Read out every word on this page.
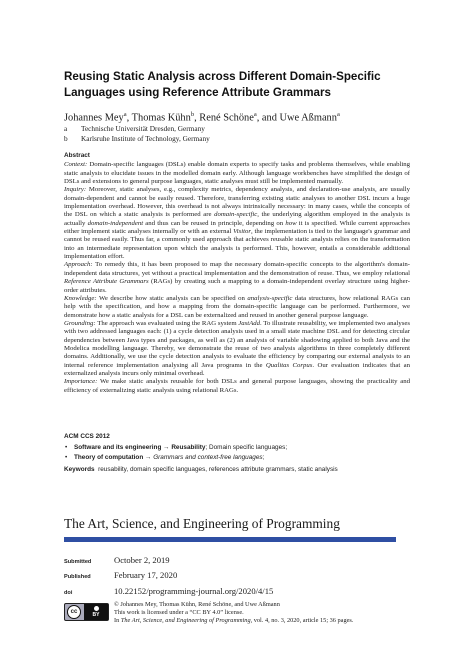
Reusing Static Analysis across Different Domain-Specific Languages using Reference Attribute Grammars
Johannes Mey$^a$, Thomas Kühn$^b$, René Schöne$^a$, and Uwe Aßmann$^a$
a	Technische Universität Dresden, Germany
b	Karlsruhe Institute of Technology, Germany
Abstract

Context: Domain-specific languages (DSLs) enable domain experts to specify tasks and problems themselves, while enabling static analysis to elucidate issues in the modelled domain early. Although language workbenches have simplified the design of DSLs and extensions to general purpose languages, static analyses must still be implemented manually.

Inquiry: Moreover, static analyses, e.g., complexity metrics, dependency analysis, and declaration-use analysis, are usually domain-dependent and cannot be easily reused. Therefore, transferring existing static analyses to another DSL incurs a huge implementation overhead. However, this overhead is not always intrinsically necessary: in many cases, while the concepts of the DSL on which a static analysis is performed are domain-specific, the underlying algorithm employed in the analysis is actually domain-independent and thus can be reused in principle, depending on how it is specified. While current approaches either implement static analyses internally or with an external Visitor, the implementation is tied to the language's grammar and cannot be reused easily. Thus far, a commonly used approach that achieves reusable static analysis relies on the transformation into an intermediate representation upon which the analysis is performed. This, however, entails a considerable additional implementation effort.

Approach: To remedy this, it has been proposed to map the necessary domain-specific concepts to the algorithm's domain-independent data structures, yet without a practical implementation and the demonstration of reuse. Thus, we employ relational Reference Attribute Grammars (RAGs) by creating such a mapping to a domain-independent overlay structure using higher-order attributes.

Knowledge: We describe how static analysis can be specified on analysis-specific data structures, how relational RAGs can help with the specification, and how a mapping from the domain-specific language can be performed. Furthermore, we demonstrate how a static analysis for a DSL can be externalized and reused in another general purpose language.

Grounding: The approach was evaluated using the RAG system JastAdd. To illustrate reusability, we implemented two analyses with two addressed languages each: (1) a cycle detection analysis used in a small state machine DSL and for detecting circular dependencies between Java types and packages, as well as (2) an analysis of variable shadowing applied to both Java and the Modelica modelling language. Thereby, we demonstrate the reuse of two analysis algorithms in three completely different domains. Additionally, we use the cycle detection analysis to evaluate the efficiency by comparing our external analysis to an internal reference implementation analysing all Java programs in the Qualitas Corpus. Our evaluation indicates that an externalized analysis incurs only minimal overhead.

Importance: We make static analysis reusable for both DSLs and general purpose languages, showing the practicality and efficiency of externalizing static analysis using relational RAGs.

ACM CCS 2012
• Software and its engineering → Reusability; Domain specific languages;
• Theory of computation → Grammars and context-free languages;
Keywords reusability, domain specific languages, references attribute grammars, static analysis
The Art, Science, and Engineering of Programming
Submitted	October 2, 2019
Published	February 17, 2020
doi	10.22152/programming-journal.org/2020/4/15
cc	BY
© Johannes Mey, Thomas Kühn, René Schöne, and Uwe Aßmann
This work is licensed under a “CC BY 4.0” license.
In The Art, Science, and Engineering of Programming, vol. 4, no. 3, 2020, article 15; 36 pages.
